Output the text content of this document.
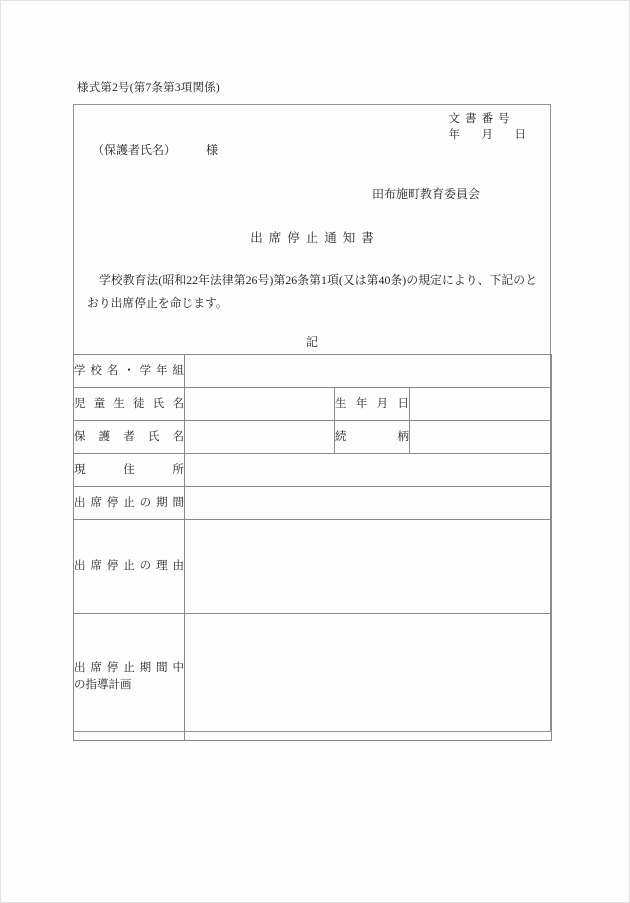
様式第2号(第7条第3項関係)
文書番号
年　月　日
（保護者氏名）	様
田布施町教育委員会
出席停止通知書
学校教育法(昭和22年法律第26号)第26条第1項(又は第40条)の規定により、下記のとおり出席停止を命じます。
記
学校名・学年組			

児童生徒氏名		生年月日	

保護者氏名		続柄	

現住所			

出席停止の期間			

出席停止の理由			

出席停止期間中
の指導計画			
